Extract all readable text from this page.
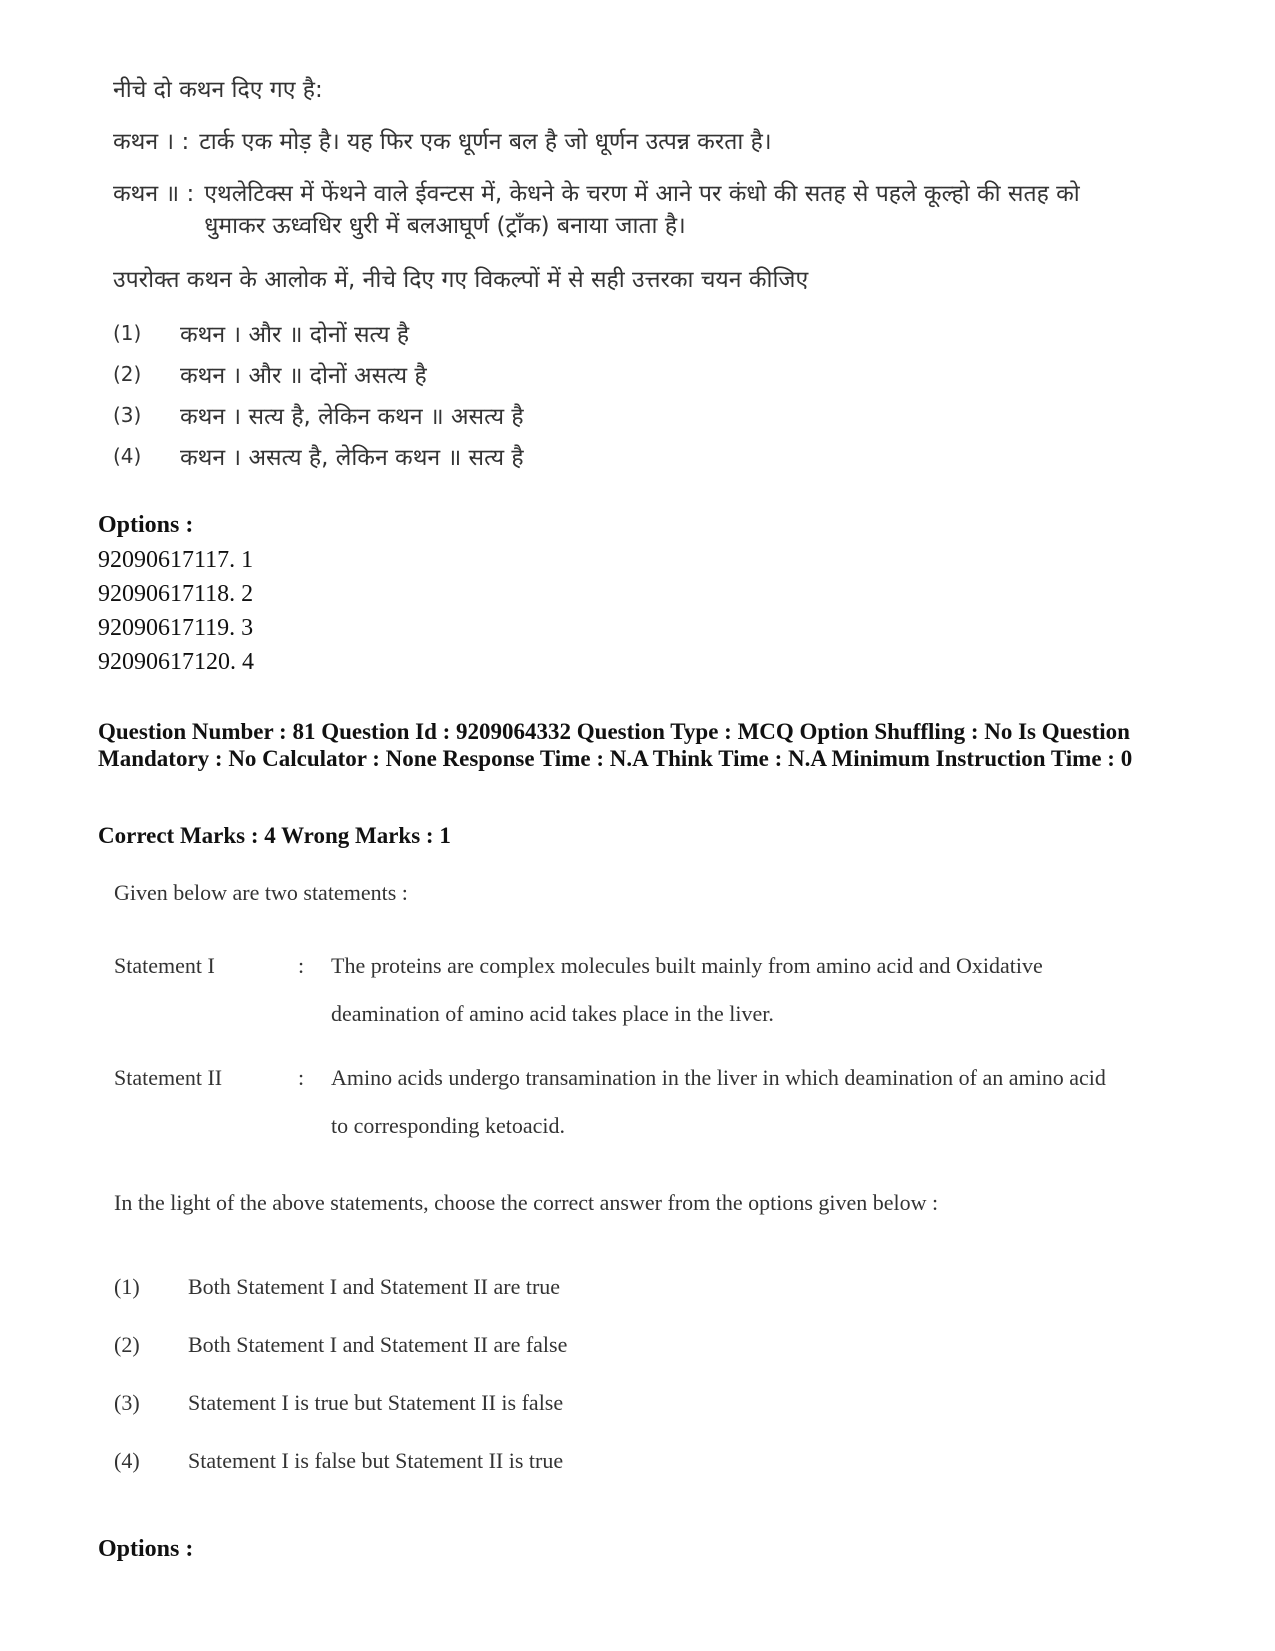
नीचे दो कथन दिए गए है:

कथन । : टार्क एक मोड़ है। यह फिर एक धूर्णन बल है जो धूर्णन उत्पन्न करता है।
कथन ॥ : एथलेटिक्स में फेंथने वाले ईवन्टस में, केधने के चरण में आने पर कंधो की सतह से पहले कूल्हो की सतह को धुमाकर ऊध्वधिर धुरी में बलआघूर्ण (ट्राँक) बनाया जाता है।

उपरोक्त कथन के आलोक में, नीचे दिए गए विकल्पों में से सही उत्तरका चयन कीजिए

(1)	कथन । और ॥ दोनों सत्य है
(2)	कथन । और ॥ दोनों असत्य है
(3)	कथन । सत्य है, लेकिन कथन ॥ असत्य है
(4)	कथन । असत्य है, लेकिन कथन ॥ सत्य है
Options :
92090617117. 1
92090617118. 2
92090617119. 3
92090617120. 4
Question Number : 81 Question Id : 9209064332 Question Type : MCQ Option Shuffling : No Is Question Mandatory : No Calculator : None Response Time : N.A Think Time : N.A Minimum Instruction Time : 0
Correct Marks : 4 Wrong Marks : 1

Given below are two statements :

Statement I	:	The proteins are complex molecules built mainly from amino acid and Oxidative deamination of amino acid takes place in the liver.
Statement II	:	Amino acids undergo transamination in the liver in which deamination of an amino acid to corresponding ketoacid.

In the light of the above statements, choose the correct answer from the options given below :

(1)	Both Statement I and Statement II are true
(2)	Both Statement I and Statement II are false
(3)	Statement I is true but Statement II is false
(4)	Statement I is false but Statement II is true
Options :
